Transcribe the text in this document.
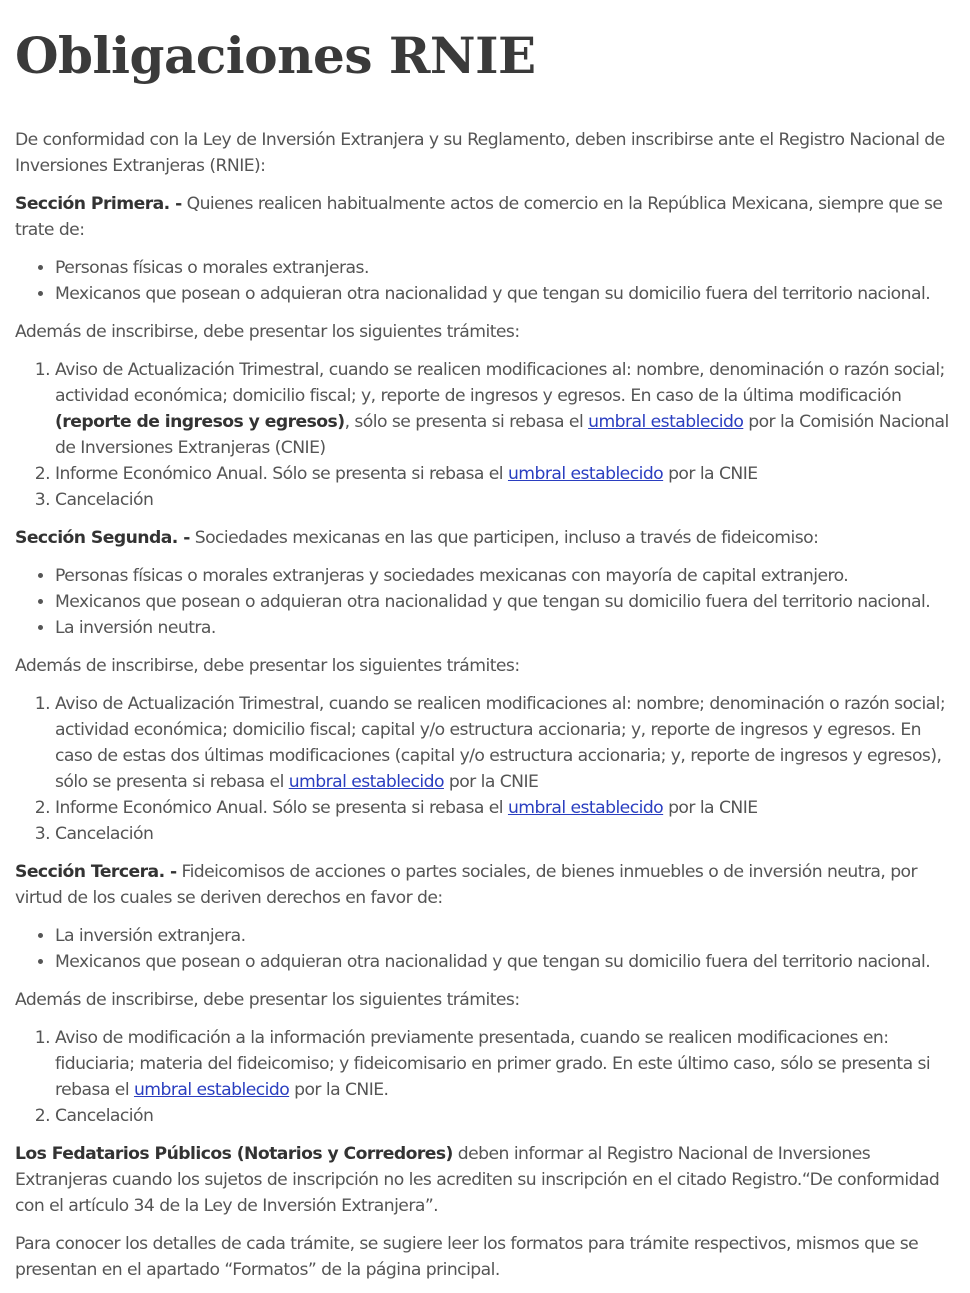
Obligaciones RNIE

De conformidad con la Ley de Inversión Extranjera y su Reglamento, deben inscribirse ante el Registro Nacional de Inversiones Extranjeras (RNIE):

Sección Primera. - Quienes realicen habitualmente actos de comercio en la República Mexicana, siempre que se trate de:

• Personas físicas o morales extranjeras.
• Mexicanos que posean o adquieran otra nacionalidad y que tengan su domicilio fuera del territorio nacional.

Además de inscribirse, debe presentar los siguientes trámites:

1. Aviso de Actualización Trimestral, cuando se realicen modificaciones al: nombre, denominación o razón social; actividad económica; domicilio fiscal; y, reporte de ingresos y egresos. En caso de la última modificación (reporte de ingresos y egresos), sólo se presenta si rebasa el umbral establecido por la Comisión Nacional de Inversiones Extranjeras (CNIE)
2. Informe Económico Anual. Sólo se presenta si rebasa el umbral establecido por la CNIE
3. Cancelación

Sección Segunda. - Sociedades mexicanas en las que participen, incluso a través de fideicomiso:

• Personas físicas o morales extranjeras y sociedades mexicanas con mayoría de capital extranjero.
• Mexicanos que posean o adquieran otra nacionalidad y que tengan su domicilio fuera del territorio nacional.
• La inversión neutra.

Además de inscribirse, debe presentar los siguientes trámites:

1. Aviso de Actualización Trimestral, cuando se realicen modificaciones al: nombre; denominación o razón social; actividad económica; domicilio fiscal; capital y/o estructura accionaria; y, reporte de ingresos y egresos. En caso de estas dos últimas modificaciones (capital y/o estructura accionaria; y, reporte de ingresos y egresos), sólo se presenta si rebasa el umbral establecido por la CNIE
2. Informe Económico Anual. Sólo se presenta si rebasa el umbral establecido por la CNIE
3. Cancelación

Sección Tercera. - Fideicomisos de acciones o partes sociales, de bienes inmuebles o de inversión neutra, por virtud de los cuales se deriven derechos en favor de:

• La inversión extranjera.
• Mexicanos que posean o adquieran otra nacionalidad y que tengan su domicilio fuera del territorio nacional.

Además de inscribirse, debe presentar los siguientes trámites:

1. Aviso de modificación a la información previamente presentada, cuando se realicen modificaciones en: fiduciaria; materia del fideicomiso; y fideicomisario en primer grado. En este último caso, sólo se presenta si rebasa el umbral establecido por la CNIE.
2. Cancelación

Los Fedatarios Públicos (Notarios y Corredores) deben informar al Registro Nacional de Inversiones Extranjeras cuando los sujetos de inscripción no les acrediten su inscripción en el citado Registro.“De conformidad con el artículo 34 de la Ley de Inversión Extranjera”.

Para conocer los detalles de cada trámite, se sugiere leer los formatos para trámite respectivos, mismos que se presentan en el apartado “Formatos” de la página principal.
